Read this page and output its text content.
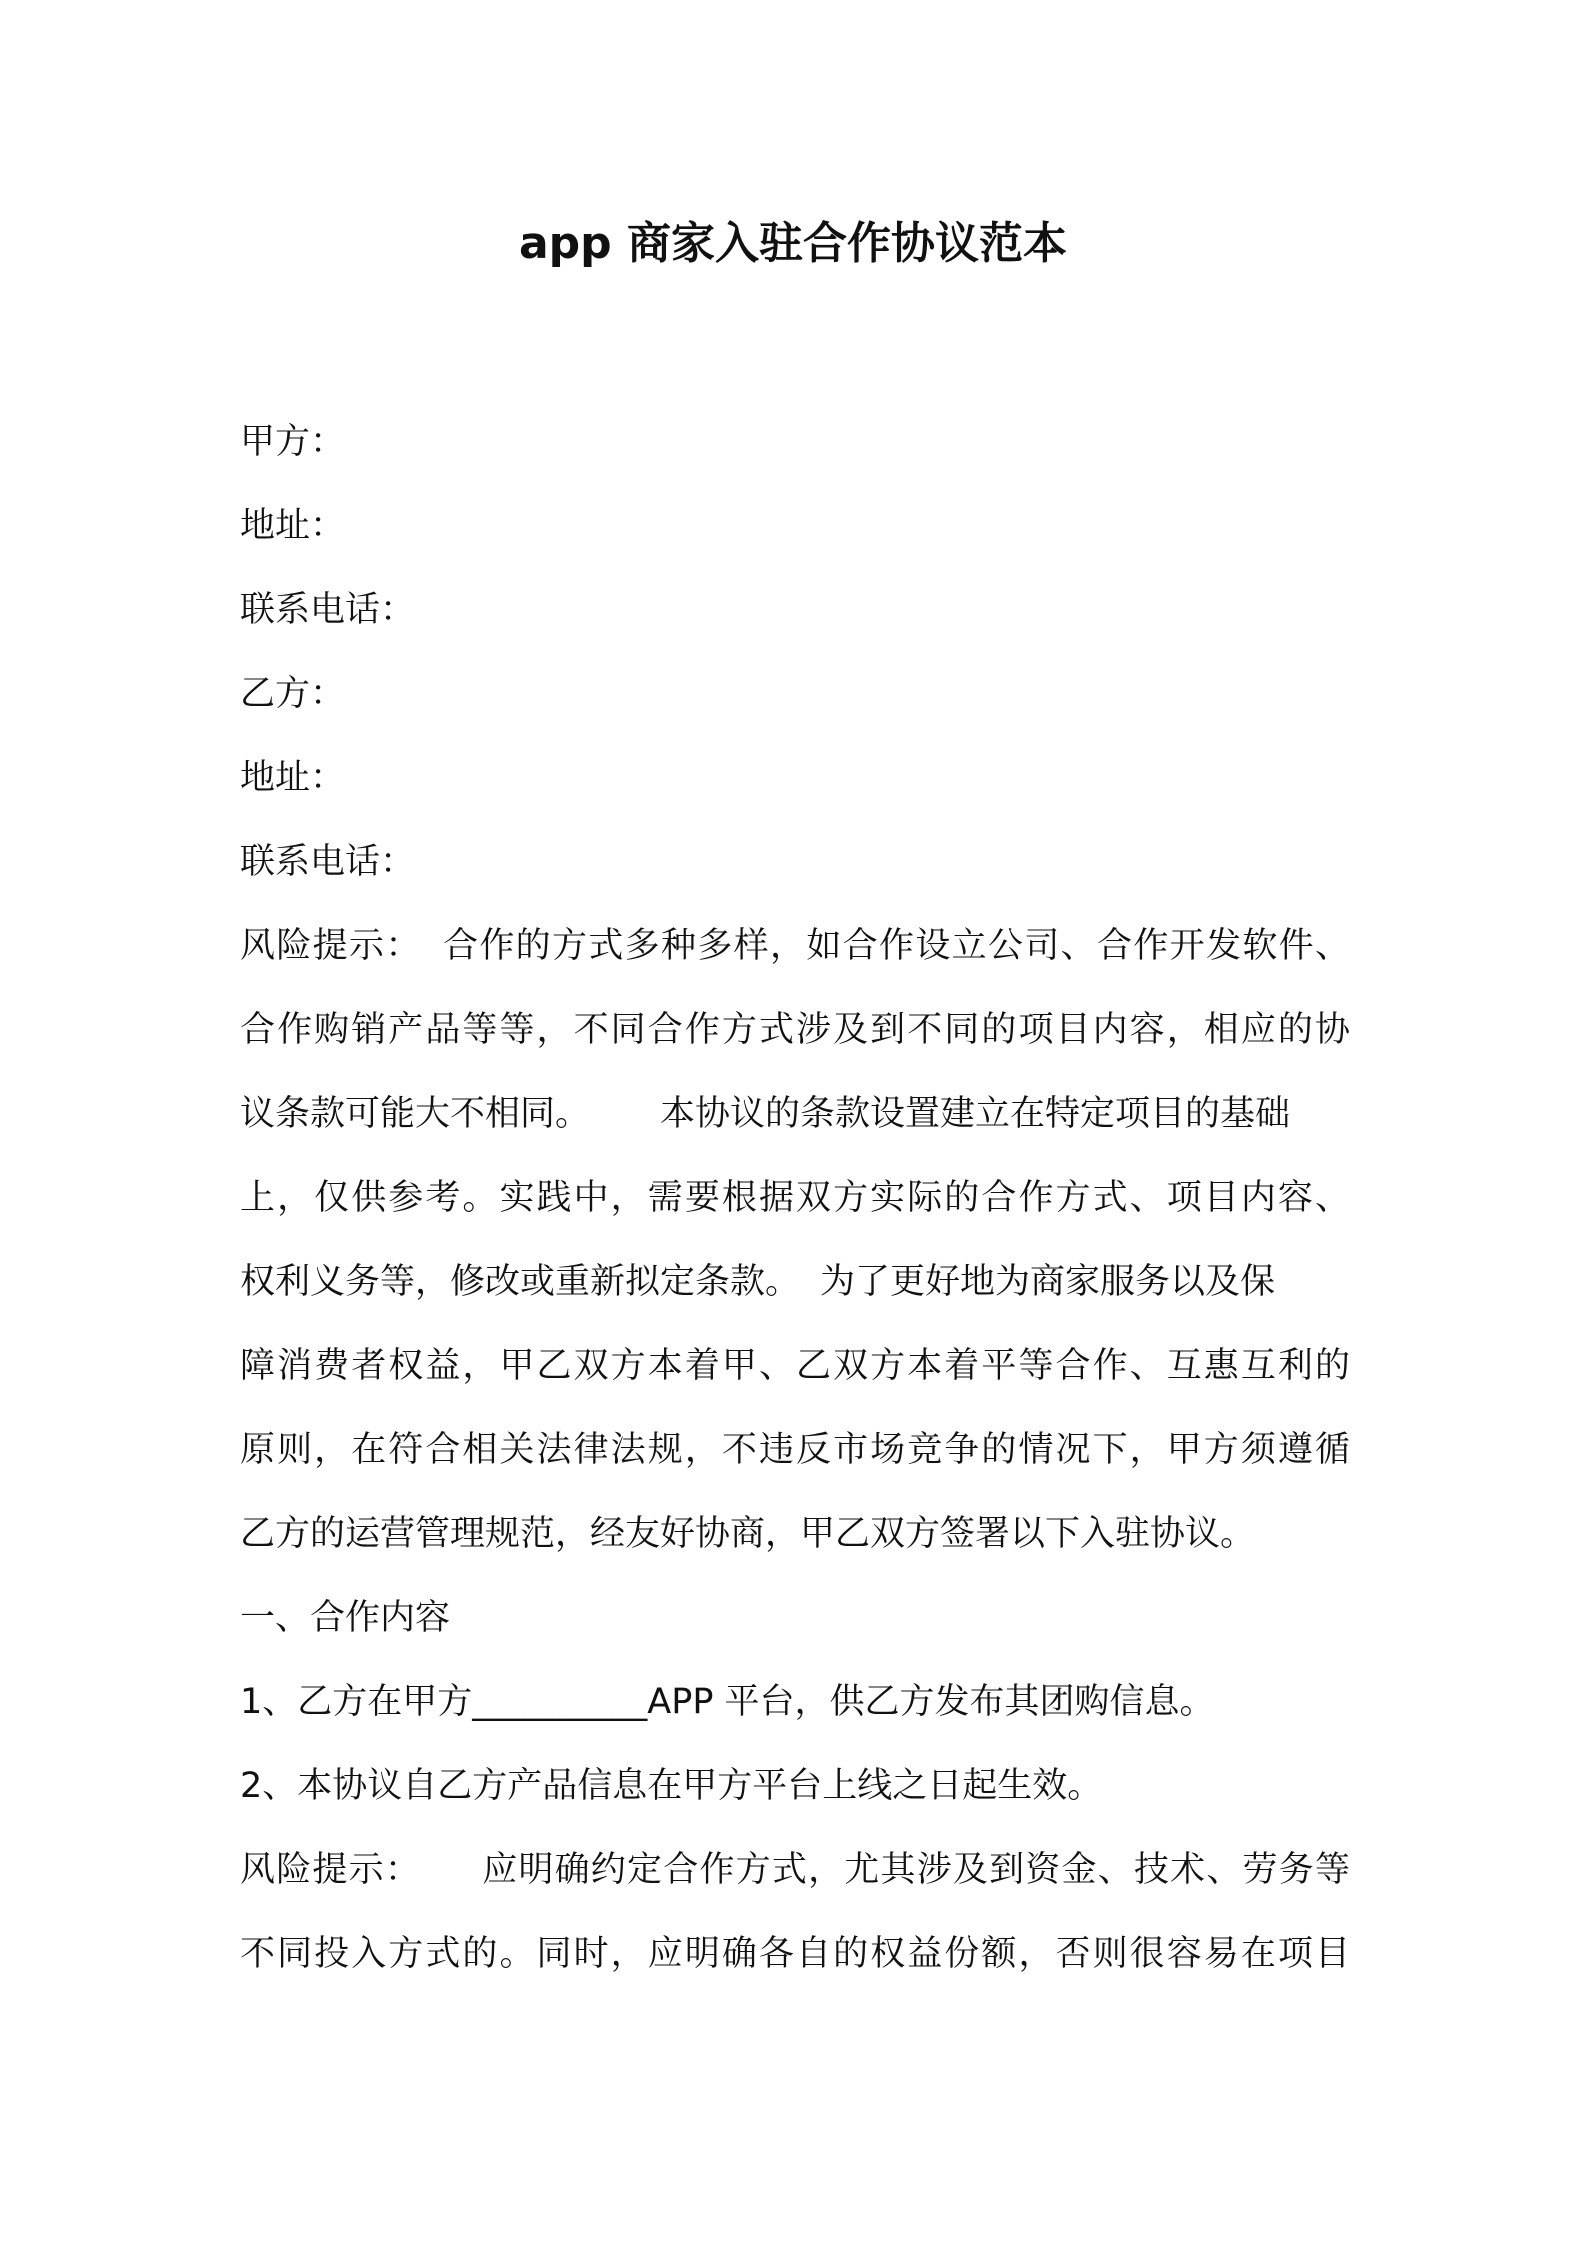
app 商家入驻合作协议范本
甲方：
地址：
联系电话：
乙方：
地址：
联系电话：
风险提示： 合作的方式多种多样，如合作设立公司、合作开发软件、
合作购销产品等等，不同合作方式涉及到不同的项目内容，相应的协
议条款可能大不相同。 本协议的条款设置建立在特定项目的基础
上，仅供参考。实践中，需要根据双方实际的合作方式、项目内容、
权利义务等，修改或重新拟定条款。 为了更好地为商家服务以及保
障消费者权益，甲乙双方本着甲、乙双方本着平等合作、互惠互利的
原则，在符合相关法律法规，不违反市场竞争的情况下，甲方须遵循
乙方的运营管理规范，经友好协商，甲乙双方签署以下入驻协议。
一、合作内容
1、乙方在甲方__________APP 平台，供乙方发布其团购信息。
2、本协议自乙方产品信息在甲方平台上线之日起生效。
风险提示： 应明确约定合作方式，尤其涉及到资金、技术、劳务等
不同投入方式的。同时，应明确各自的权益份额，否则很容易在项目
